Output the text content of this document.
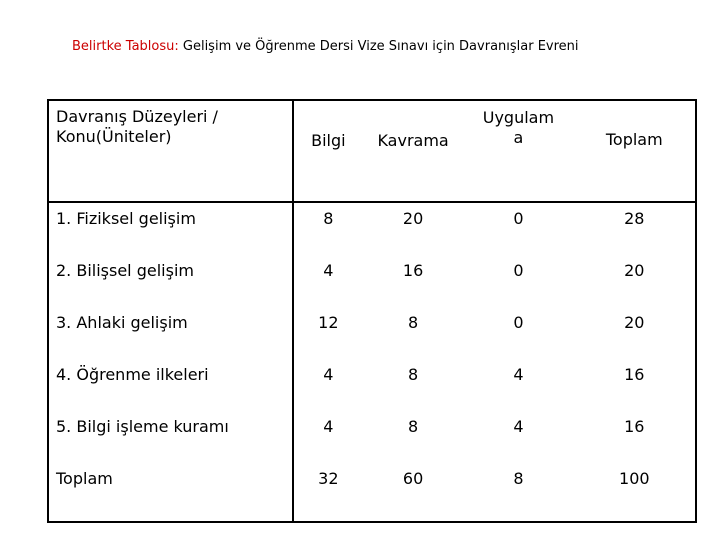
Belirtke Tablosu: Gelişim ve Öğrenme Dersi Vize Sınavı için Davranışlar Evreni
Davranış Düzeyleri / Konu(Üniteler)	Bilgi	Kavrama	Uygulam a	Toplam
1. Fiziksel gelişim	8	20	0	28
2. Bilişsel gelişim	4	16	0	20
3. Ahlaki gelişim	12	8	0	20
4. Öğrenme ilkeleri	4	8	4	16
5. Bilgi işleme kuramı	4	8	4	16
Toplam	32	60	8	100
